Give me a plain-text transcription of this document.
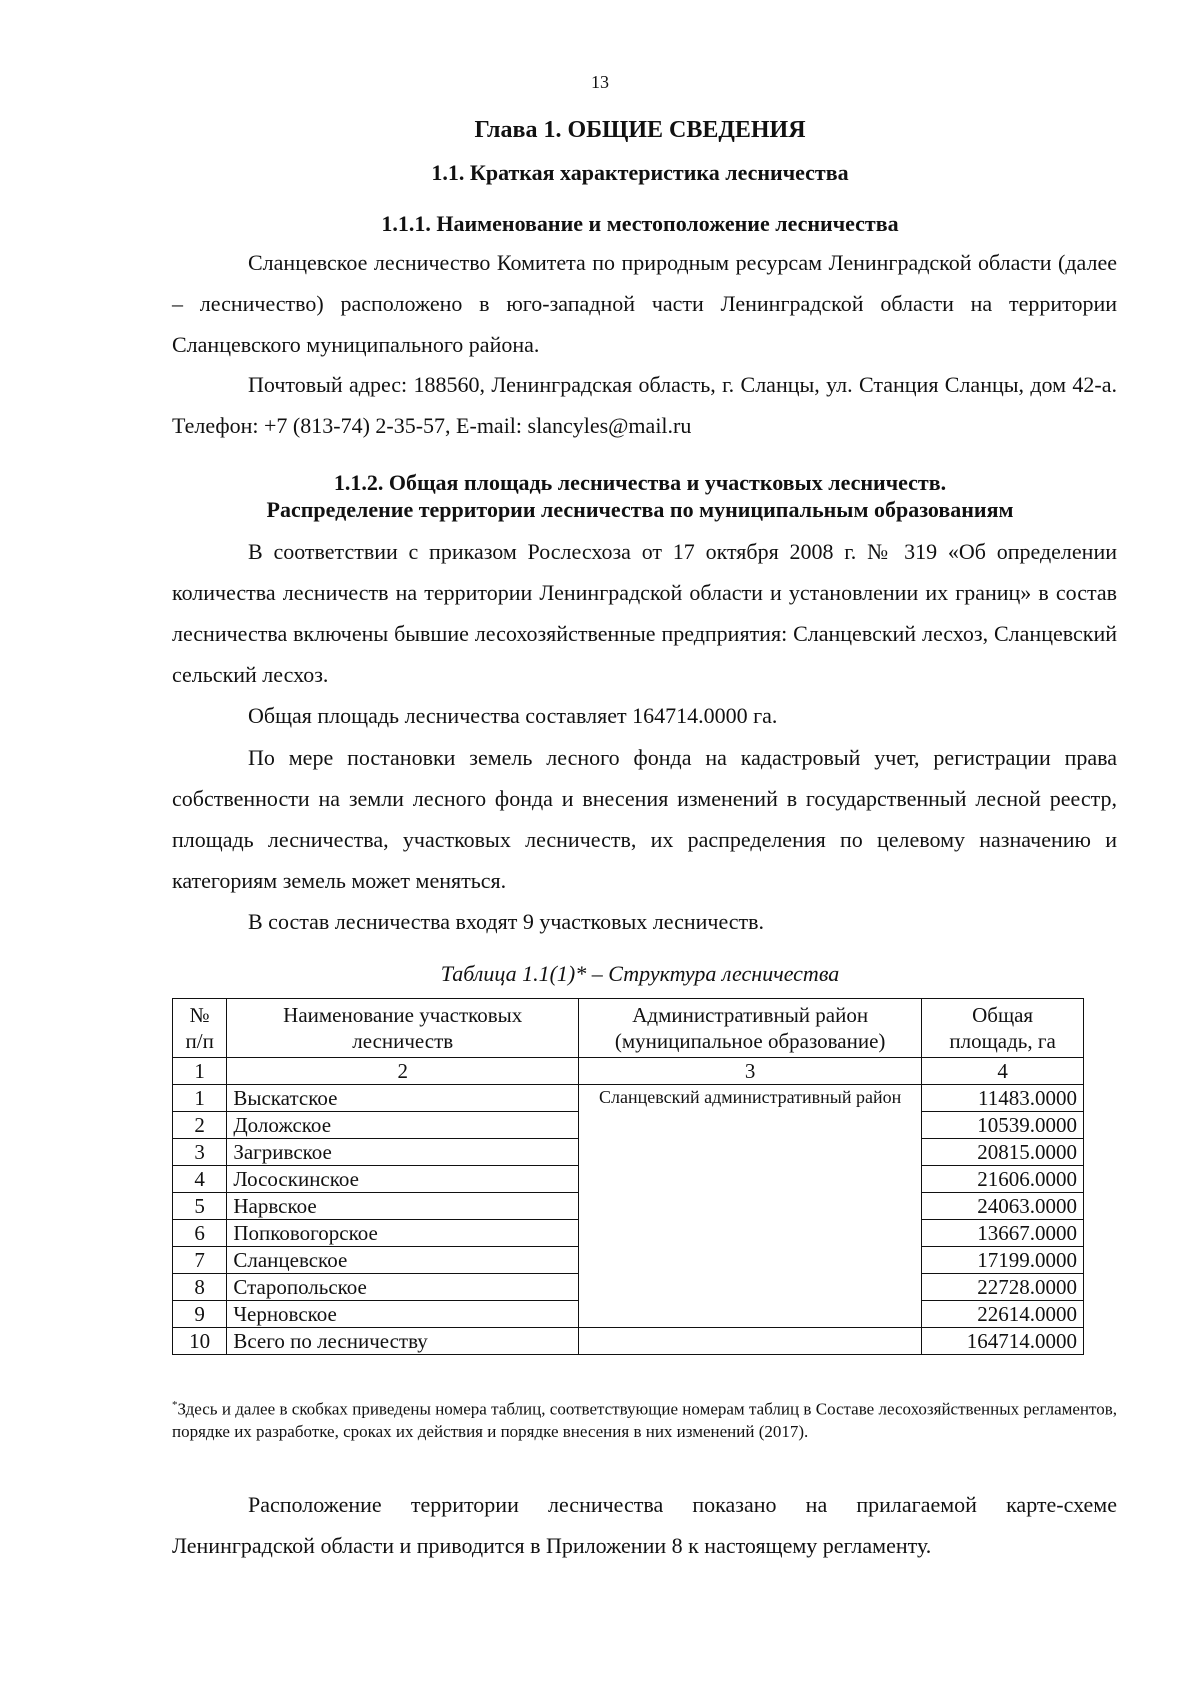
13
Глава 1. ОБЩИЕ СВЕДЕНИЯ
1.1. Краткая характеристика лесничества
1.1.1. Наименование и местоположение лесничества
Сланцевское лесничество Комитета по природным ресурсам Ленинградской области (далее – лесничество) расположено в юго-западной части Ленинградской области на территории Сланцевского муниципального района.
Почтовый адрес: 188560, Ленинградская область, г. Сланцы, ул. Станция Сланцы, дом 42-а. Телефон: +7 (813-74) 2-35-57, E-mail: slancyles@mail.ru
1.1.2. Общая площадь лесничества и участковых лесничеств.
Распределение территории лесничества по муниципальным образованиям
В соответствии с приказом Рослесхоза от 17 октября 2008 г. № 319 «Об определении количества лесничеств на территории Ленинградской области и установлении их границ» в состав лесничества включены бывшие лесохозяйственные предприятия: Сланцевский лесхоз, Сланцевский сельский лесхоз.
Общая площадь лесничества составляет 164714.0000 га.
По мере постановки земель лесного фонда на кадастровый учет, регистрации права собственности на земли лесного фонда и внесения изменений в государственный лесной реестр, площадь лесничества, участковых лесничеств, их распределения по целевому назначению и категориям земель может меняться.
В состав лесничества входят 9 участковых лесничеств.
Таблица 1.1(1)* – Структура лесничества
№ п/п	Наименование участковых лесничеств	Административный район (муниципальное образование)	Общая площадь, га
1	2	3	4
1	Выскатское	Сланцевский административный район	11483.0000
2	Доложское		10539.0000
3	Загривское		20815.0000
4	Лососкинское		21606.0000
5	Нарвское		24063.0000
6	Попковогорское		13667.0000
7	Сланцевское		17199.0000
8	Старопольское		22728.0000
9	Черновское		22614.0000
10	Всего по лесничеству		164714.0000
*Здесь и далее в скобках приведены номера таблиц, соответствующие номерам таблиц в Составе лесохозяйственных регламентов, порядке их разработке, сроках их действия и порядке внесения в них изменений (2017).
Расположение территории лесничества показано на прилагаемой карте-схеме Ленинградской области и приводится в Приложении 8 к настоящему регламенту.
